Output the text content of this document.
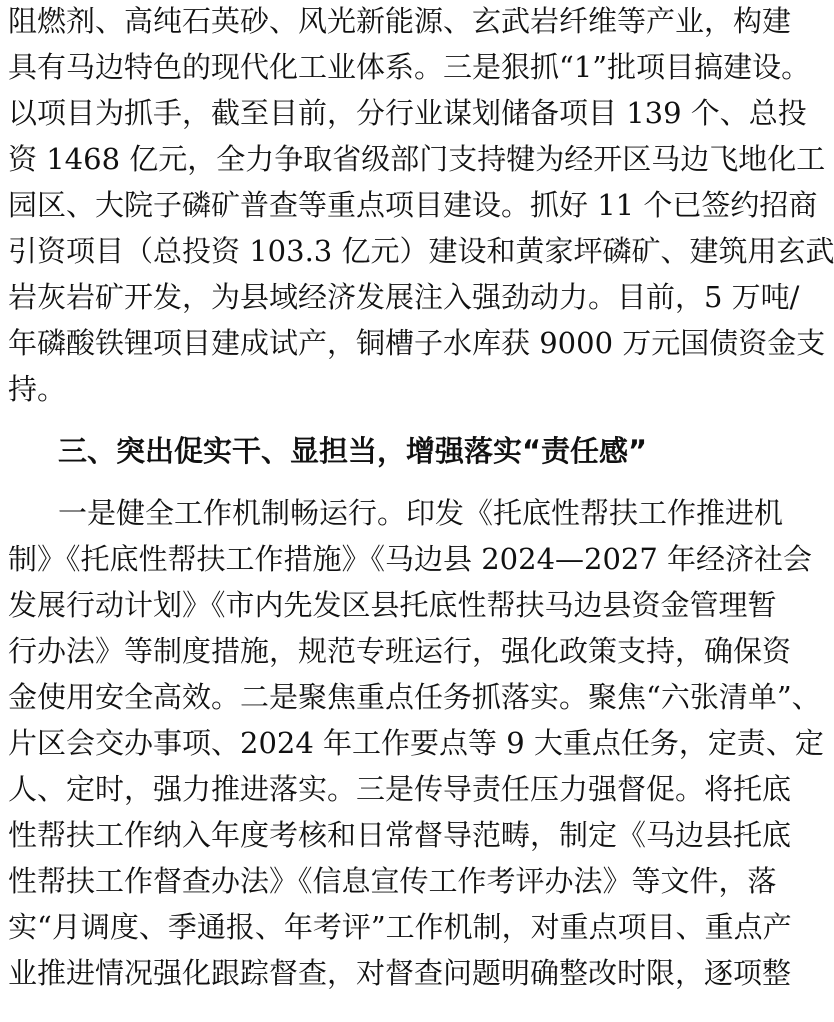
阻燃剂、高纯石英砂、风光新能源、玄武岩纤维等产业，构建
具有马边特色的现代化工业体系。三是狠抓“1”批项目搞建设。
以项目为抓手，截至目前，分行业谋划储备项目 139 个、总投
资 1468 亿元，全力争取省级部门支持犍为经开区马边飞地化工
园区、大院子磷矿普查等重点项目建设。抓好 11 个已签约招商
引资项目（总投资 103.3 亿元）建设和黄家坪磷矿、建筑用玄武
岩灰岩矿开发，为县域经济发展注入强劲动力。目前，5 万吨/
年磷酸铁锂项目建成试产，铜槽子水库获 9000 万元国债资金支
持。
三、突出促实干、显担当，增强落实“责任感”
一是健全工作机制畅运行。印发《托底性帮扶工作推进机
制》《托底性帮扶工作措施》《马边县 2024—2027 年经济社会
发展行动计划》《市内先发区县托底性帮扶马边县资金管理暂
行办法》等制度措施，规范专班运行，强化政策支持，确保资
金使用安全高效。二是聚焦重点任务抓落实。聚焦“六张清单”、
片区会交办事项、2024 年工作要点等 9 大重点任务，定责、定
人、定时，强力推进落实。三是传导责任压力强督促。将托底
性帮扶工作纳入年度考核和日常督导范畴，制定《马边县托底
性帮扶工作督查办法》《信息宣传工作考评办法》等文件，落
实“月调度、季通报、年考评”工作机制，对重点项目、重点产
业推进情况强化跟踪督查，对督查问题明确整改时限，逐项整
